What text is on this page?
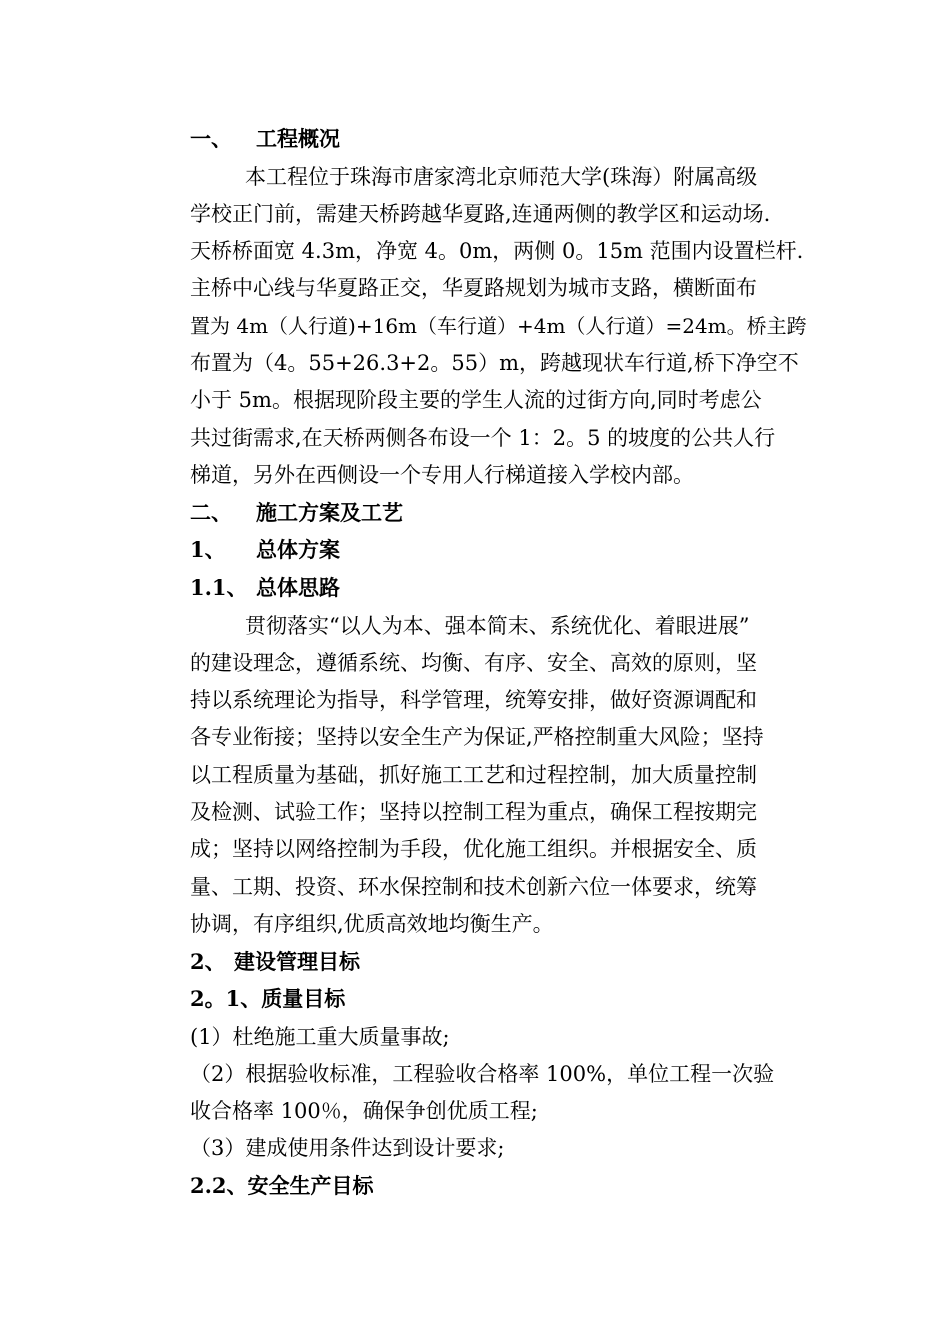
一、 工程概况
本工程位于珠海市唐家湾北京师范大学(珠海）附属高级
学校正门前，需建天桥跨越华夏路,连通两侧的教学区和运动场.
天桥桥面宽 4.3m，净宽 4。0m，两侧 0。15m 范围内设置栏杆.
主桥中心线与华夏路正交，华夏路规划为城市支路，横断面布
置为 4m（人行道)+16m（车行道）+4m（人行道）=24m。桥主跨
布置为（4。55+26.3+2。55）m，跨越现状车行道,桥下净空不
小于 5m。根据现阶段主要的学生人流的过街方向,同时考虑公
共过街需求,在天桥两侧各布设一个 1：2。5 的坡度的公共人行
梯道，另外在西侧设一个专用人行梯道接入学校内部。
二、 施工方案及工艺
1、 总体方案
1.1、 总体思路
贯彻落实“以人为本、强本简末、系统优化、着眼进展”
的建设理念，遵循系统、均衡、有序、安全、高效的原则，坚
持以系统理论为指导，科学管理，统筹安排，做好资源调配和
各专业衔接；坚持以安全生产为保证,严格控制重大风险；坚持
以工程质量为基础，抓好施工工艺和过程控制，加大质量控制
及检测、试验工作；坚持以控制工程为重点，确保工程按期完
成；坚持以网络控制为手段，优化施工组织。并根据安全、质
量、工期、投资、环水保控制和技术创新六位一体要求，统筹
协调，有序组织,优质高效地均衡生产。
2、 建设管理目标
2。1、质量目标
(1）杜绝施工重大质量事故;
（2）根据验收标准，工程验收合格率 100%，单位工程一次验
收合格率 100％，确保争创优质工程;
（3）建成使用条件达到设计要求;
2.2、安全生产目标
